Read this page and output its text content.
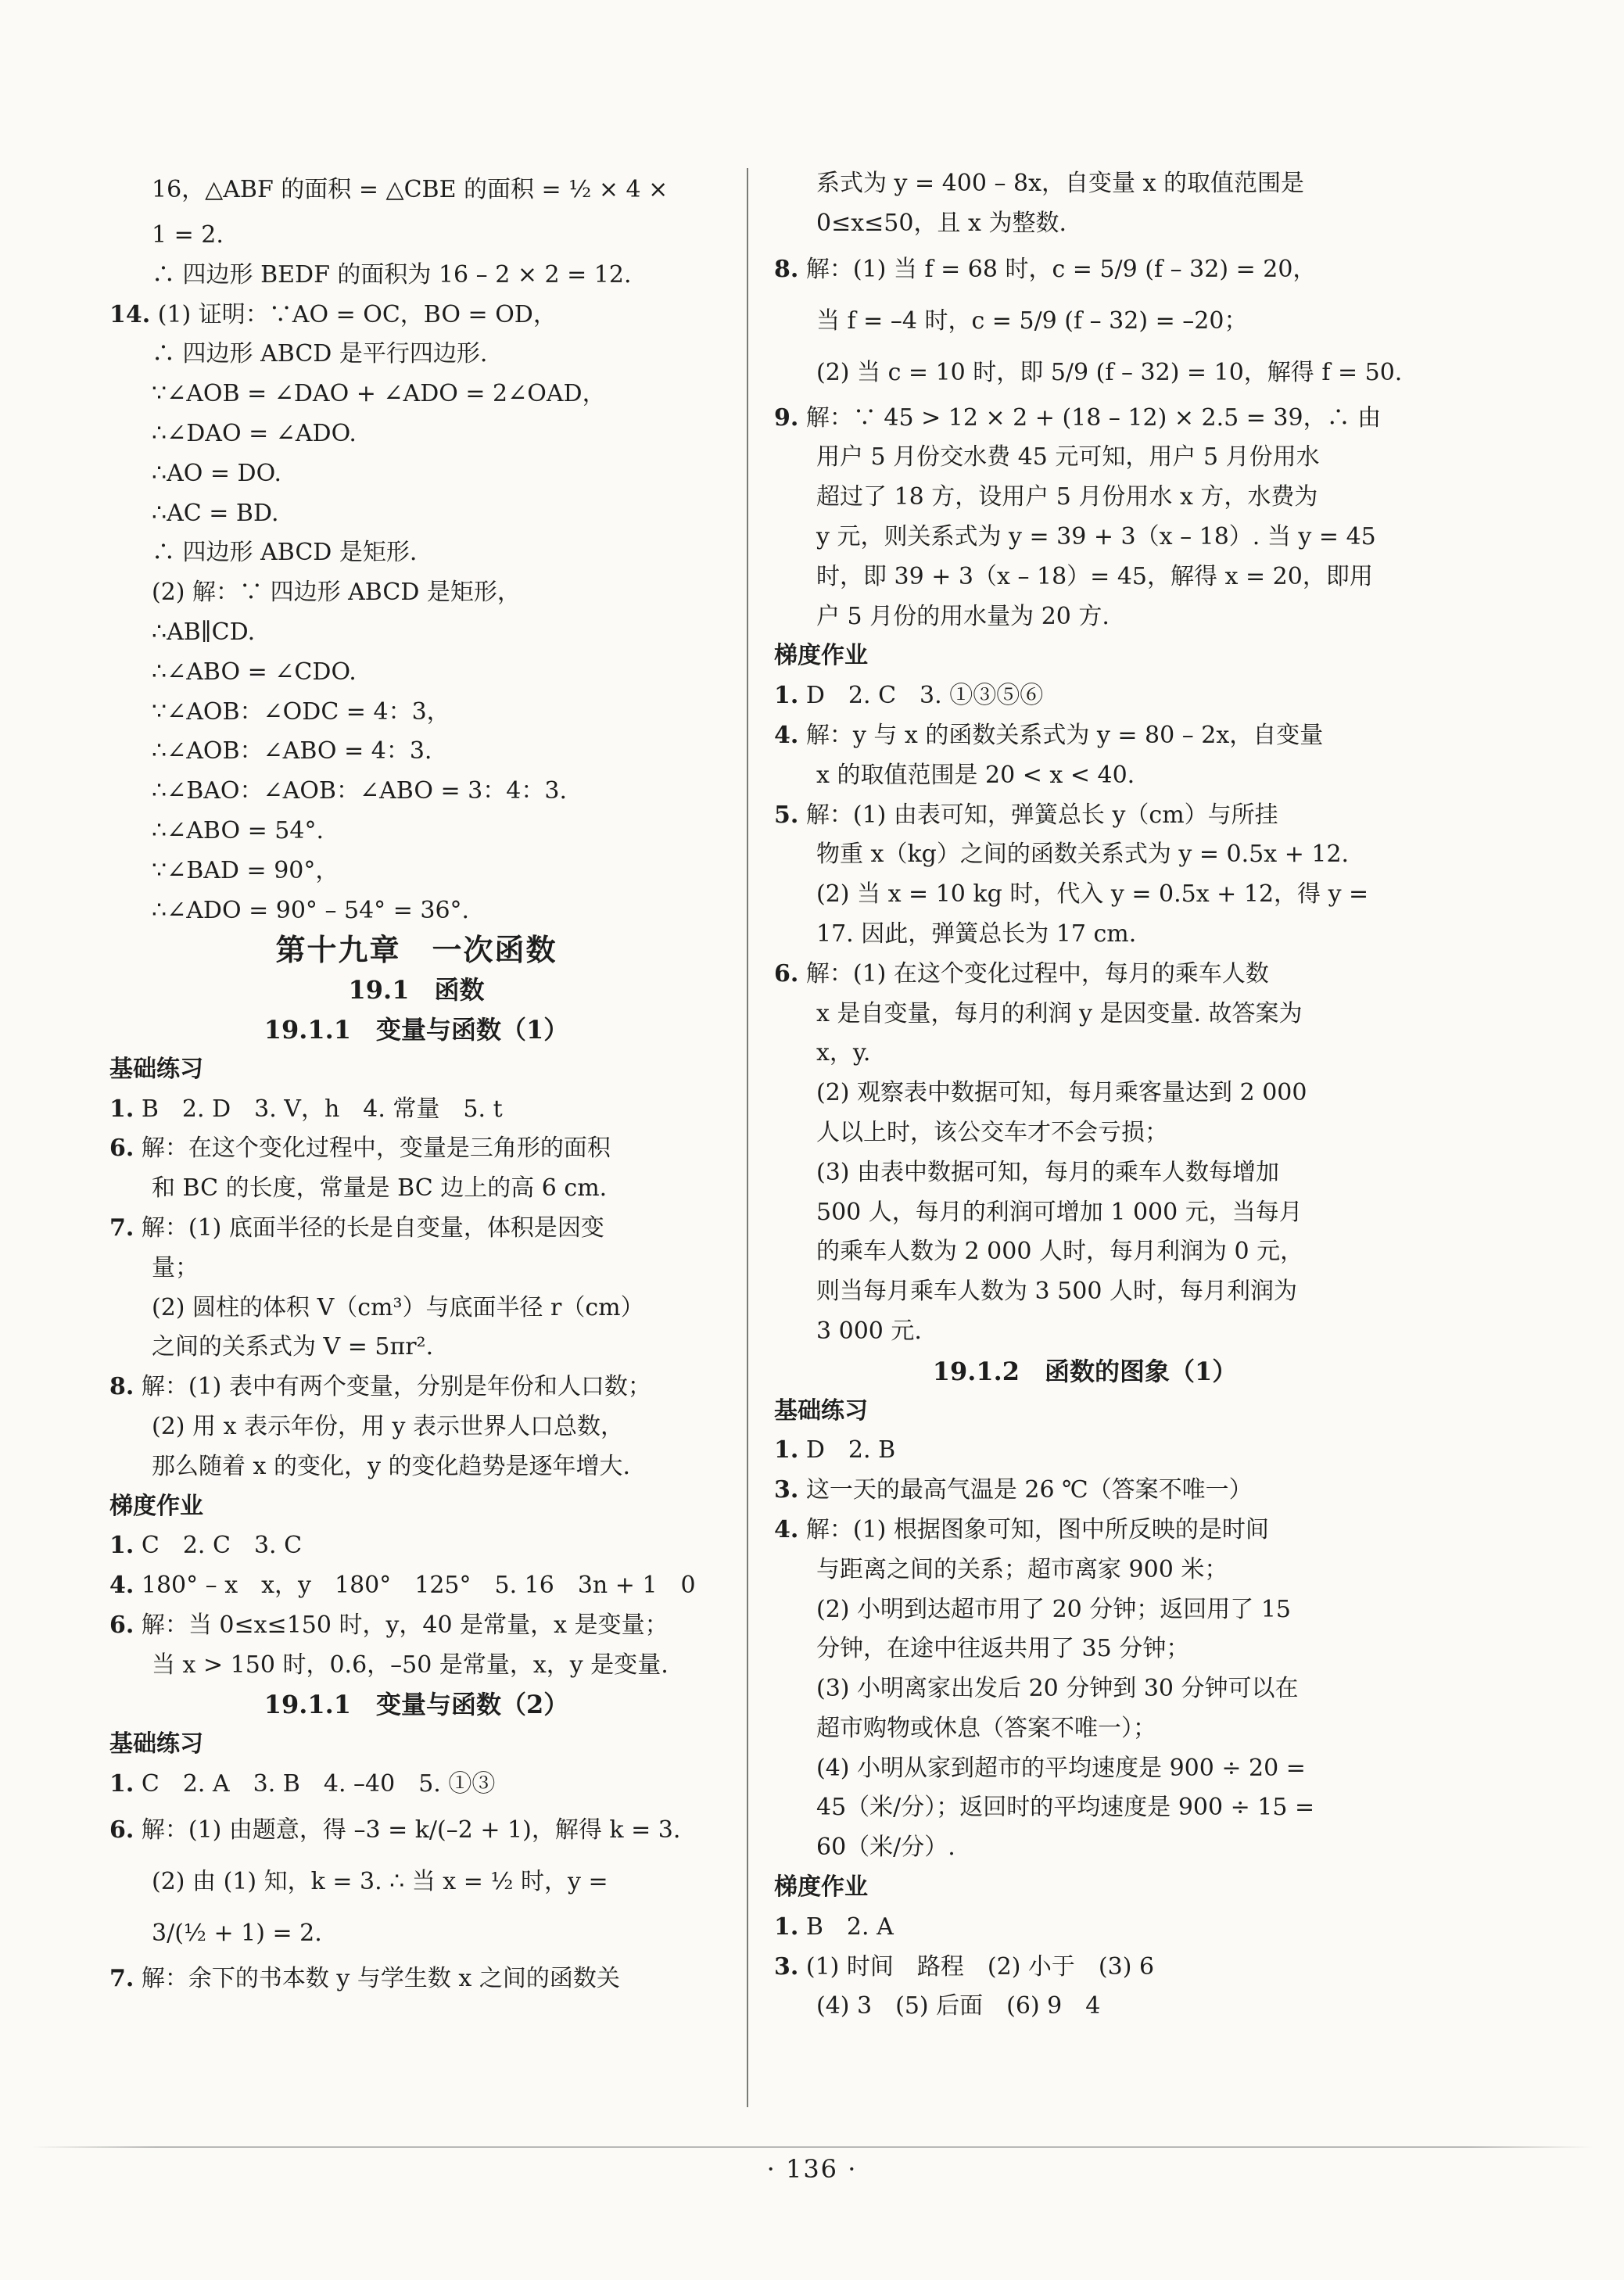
16，△ABF 的面积 = △CBE 的面积 = ½ × 4 ×
1 = 2.
∴ 四边形 BEDF 的面积为 16 – 2 × 2 = 12.
14. (1) 证明：∵AO = OC，BO = OD，
∴ 四边形 ABCD 是平行四边形.
∵∠AOB = ∠DAO + ∠ADO = 2∠OAD，
∴∠DAO = ∠ADO.
∴AO = DO.
∴AC = BD.
∴ 四边形 ABCD 是矩形.
(2) 解：∵ 四边形 ABCD 是矩形，
∴AB∥CD.
∴∠ABO = ∠CDO.
∵∠AOB：∠ODC = 4：3，
∴∠AOB：∠ABO = 4：3.
∴∠BAO：∠AOB：∠ABO = 3：4：3.
∴∠ABO = 54°.
∵∠BAD = 90°，
∴∠ADO = 90° – 54° = 36°.
第十九章　一次函数
19.1　函数
19.1.1　变量与函数（1）
基础练习
1. B　2. D　3. V，h　4. 常量　5. t
6. 解：在这个变化过程中，变量是三角形的面积
和 BC 的长度，常量是 BC 边上的高 6 cm.
7. 解：(1) 底面半径的长是自变量，体积是因变
量；
(2) 圆柱的体积 V（cm³）与底面半径 r（cm）
之间的关系式为 V = 5πr².
8. 解：(1) 表中有两个变量，分别是年份和人口数；
(2) 用 x 表示年份，用 y 表示世界人口总数，
那么随着 x 的变化，y 的变化趋势是逐年增大.
梯度作业
1. C　2. C　3. C
4. 180° – x　x，y　180°　125°　5. 16　3n + 1　0
6. 解：当 0≤x≤150 时，y，40 是常量，x 是变量；
当 x > 150 时，0.6，–50 是常量，x，y 是变量.
19.1.1　变量与函数（2）
基础练习
1. C　2. A　3. B　4. –40　5. ①③
6. 解：(1) 由题意，得 –3 = k/(–2 + 1)，解得 k = 3.
(2) 由 (1) 知，k = 3. ∴ 当 x = ½ 时，y =
3/(½ + 1) = 2.
7. 解：余下的书本数 y 与学生数 x 之间的函数关
系式为 y = 400 – 8x，自变量 x 的取值范围是
0≤x≤50，且 x 为整数.
8. 解：(1) 当 f = 68 时，c = 5/9 (f – 32) = 20，
当 f = –4 时，c = 5/9 (f – 32) = –20；
(2) 当 c = 10 时，即 5/9 (f – 32) = 10，解得 f = 50.
9. 解：∵ 45 > 12 × 2 + (18 – 12) × 2.5 = 39，∴ 由
用户 5 月份交水费 45 元可知，用户 5 月份用水
超过了 18 方，设用户 5 月份用水 x 方，水费为
y 元，则关系式为 y = 39 + 3（x – 18）. 当 y = 45
时，即 39 + 3（x – 18）= 45，解得 x = 20，即用
户 5 月份的用水量为 20 方.
梯度作业
1. D　2. C　3. ①③⑤⑥
4. 解：y 与 x 的函数关系式为 y = 80 – 2x，自变量
x 的取值范围是 20 < x < 40.
5. 解：(1) 由表可知，弹簧总长 y（cm）与所挂
物重 x（kg）之间的函数关系式为 y = 0.5x + 12.
(2) 当 x = 10 kg 时，代入 y = 0.5x + 12，得 y =
17. 因此，弹簧总长为 17 cm.
6. 解：(1) 在这个变化过程中，每月的乘车人数
x 是自变量，每月的利润 y 是因变量. 故答案为
x，y.
(2) 观察表中数据可知，每月乘客量达到 2 000
人以上时，该公交车才不会亏损；
(3) 由表中数据可知，每月的乘车人数每增加
500 人，每月的利润可增加 1 000 元，当每月
的乘车人数为 2 000 人时，每月利润为 0 元，
则当每月乘车人数为 3 500 人时，每月利润为
3 000 元.
19.1.2　函数的图象（1）
基础练习
1. D　2. B
3. 这一天的最高气温是 26 ℃（答案不唯一）
4. 解：(1) 根据图象可知，图中所反映的是时间
与距离之间的关系；超市离家 900 米；
(2) 小明到达超市用了 20 分钟；返回用了 15
分钟，在途中往返共用了 35 分钟；
(3) 小明离家出发后 20 分钟到 30 分钟可以在
超市购物或休息（答案不唯一）；
(4) 小明从家到超市的平均速度是 900 ÷ 20 =
45（米/分）；返回时的平均速度是 900 ÷ 15 =
60（米/分）.
梯度作业
1. B　2. A
3. (1) 时间　路程　(2) 小于　(3) 6
(4) 3　(5) 后面　(6) 9　4
· 136 ·
